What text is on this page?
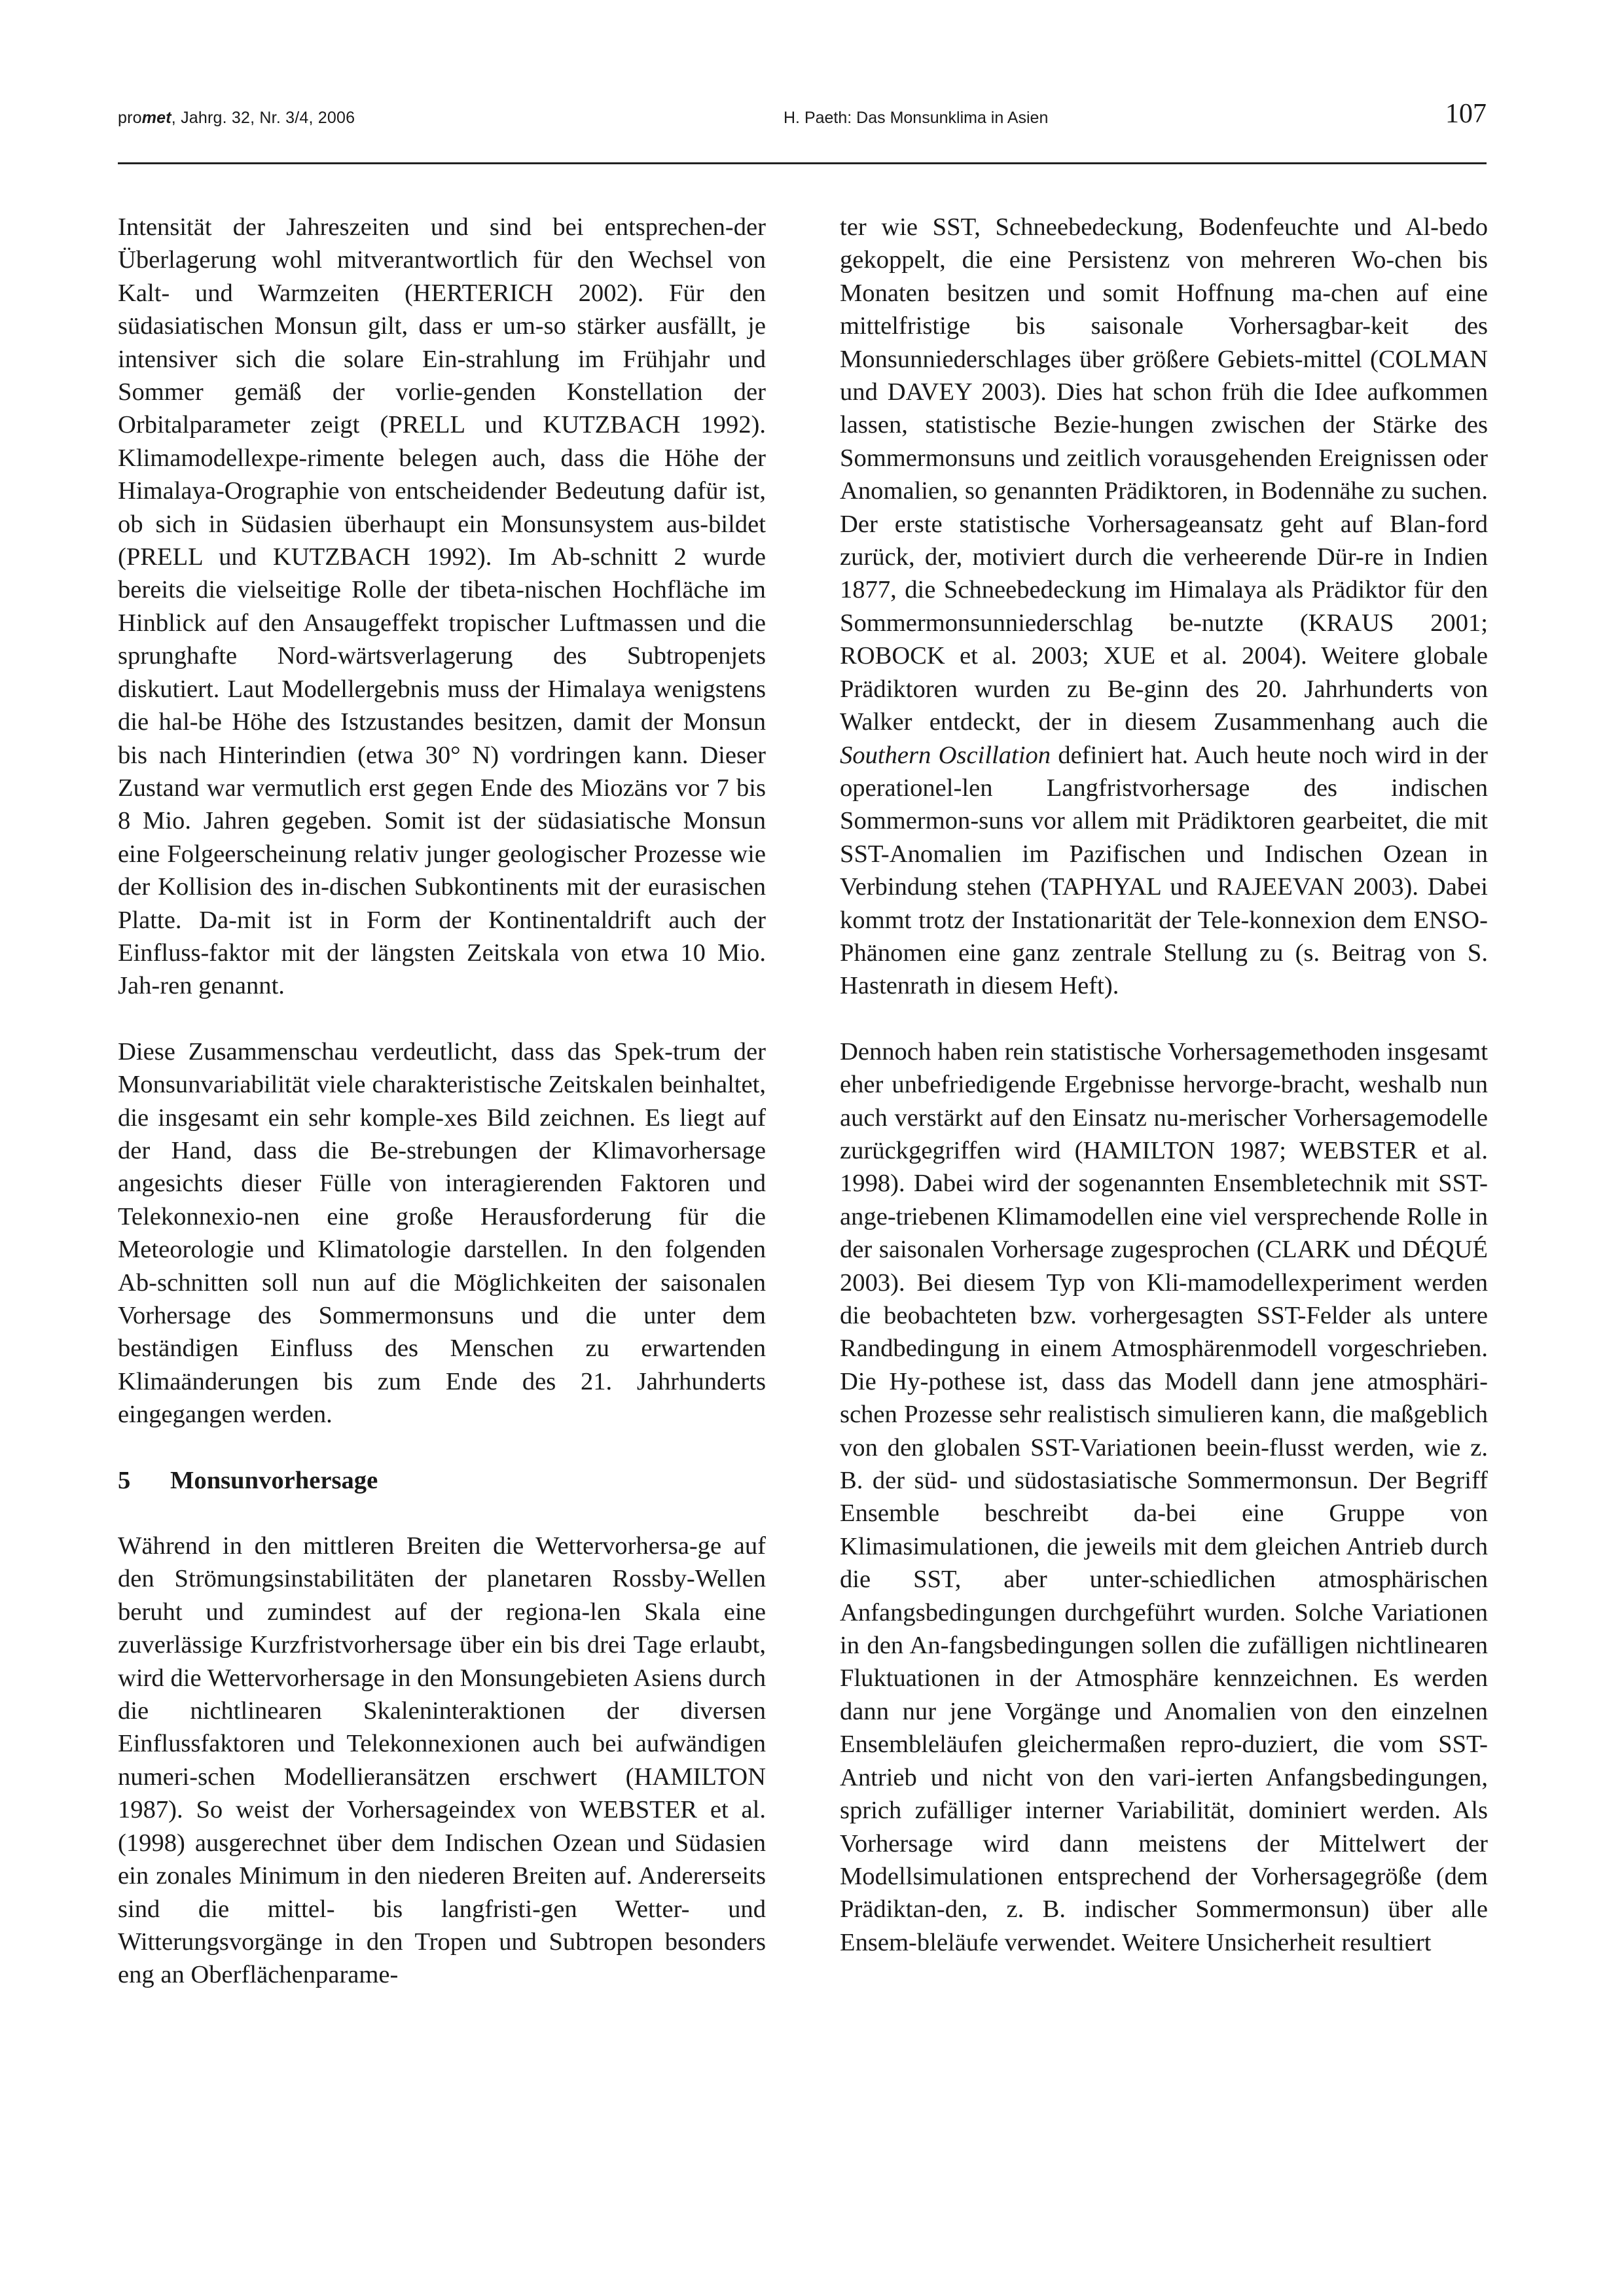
promet, Jahrg. 32, Nr. 3/4, 2006	H. Paeth: Das Monsunklima in Asien	107

Intensität der Jahreszeiten und sind bei entsprechen-der Überlagerung wohl mitverantwortlich für den Wechsel von Kalt- und Warmzeiten (HERTERICH 2002). Für den südasiatischen Monsun gilt, dass er um-so stärker ausfällt, je intensiver sich die solare Ein-strahlung im Frühjahr und Sommer gemäß der vorlie-genden Konstellation der Orbitalparameter zeigt (PRELL und KUTZBACH 1992). Klimamodellexpe-rimente belegen auch, dass die Höhe der Himalaya-Orographie von entscheidender Bedeutung dafür ist, ob sich in Südasien überhaupt ein Monsunsystem aus-bildet (PRELL und KUTZBACH 1992). Im Ab-schnitt 2 wurde bereits die vielseitige Rolle der tibeta-nischen Hochfläche im Hinblick auf den Ansaugeffekt tropischer Luftmassen und die sprunghafte Nord-wärtsverlagerung des Subtropenjets diskutiert. Laut Modellergebnis muss der Himalaya wenigstens die hal-be Höhe des Istzustandes besitzen, damit der Monsun bis nach Hinterindien (etwa 30° N) vordringen kann. Dieser Zustand war vermutlich erst gegen Ende des Miozäns vor 7 bis 8 Mio. Jahren gegeben. Somit ist der südasiatische Monsun eine Folgeerscheinung relativ junger geologischer Prozesse wie der Kollision des in-dischen Subkontinents mit der eurasischen Platte. Da-mit ist in Form der Kontinentaldrift auch der Einfluss-faktor mit der längsten Zeitskala von etwa 10 Mio. Jah-ren genannt.

Diese Zusammenschau verdeutlicht, dass das Spek-trum der Monsunvariabilität viele charakteristische Zeitskalen beinhaltet, die insgesamt ein sehr komple-xes Bild zeichnen. Es liegt auf der Hand, dass die Be-strebungen der Klimavorhersage angesichts dieser Fülle von interagierenden Faktoren und Telekonnexio-nen eine große Herausforderung für die Meteorologie und Klimatologie darstellen. In den folgenden Ab-schnitten soll nun auf die Möglichkeiten der saisonalen Vorhersage des Sommermonsuns und die unter dem beständigen Einfluss des Menschen zu erwartenden Klimaänderungen bis zum Ende des 21. Jahrhunderts eingegangen werden.

5 Monsunvorhersage

Während in den mittleren Breiten die Wettervorhersa-ge auf den Strömungsinstabilitäten der planetaren Rossby-Wellen beruht und zumindest auf der regiona-len Skala eine zuverlässige Kurzfristvorhersage über ein bis drei Tage erlaubt, wird die Wettervorhersage in den Monsungebieten Asiens durch die nichtlinearen Skaleninteraktionen der diversen Einflussfaktoren und Telekonnexionen auch bei aufwändigen numeri-schen Modellieransätzen erschwert (HAMILTON 1987). So weist der Vorhersageindex von WEBSTER et al. (1998) ausgerechnet über dem Indischen Ozean und Südasien ein zonales Minimum in den niederen Breiten auf. Andererseits sind die mittel- bis langfristi-gen Wetter- und Witterungsvorgänge in den Tropen und Subtropen besonders eng an Oberflächenparame-

ter wie SST, Schneebedeckung, Bodenfeuchte und Al-bedo gekoppelt, die eine Persistenz von mehreren Wo-chen bis Monaten besitzen und somit Hoffnung ma-chen auf eine mittelfristige bis saisonale Vorhersagbar-keit des Monsunniederschlages über größere Gebiets-mittel (COLMAN und DAVEY 2003). Dies hat schon früh die Idee aufkommen lassen, statistische Bezie-hungen zwischen der Stärke des Sommermonsuns und zeitlich vorausgehenden Ereignissen oder Anomalien, so genannten Prädiktoren, in Bodennähe zu suchen. Der erste statistische Vorhersageansatz geht auf Blan-ford zurück, der, motiviert durch die verheerende Dür-re in Indien 1877, die Schneebedeckung im Himalaya als Prädiktor für den Sommermonsunniederschlag be-nutzte (KRAUS 2001; ROBOCK et al. 2003; XUE et al. 2004). Weitere globale Prädiktoren wurden zu Be-ginn des 20. Jahrhunderts von Walker entdeckt, der in diesem Zusammenhang auch die Southern Oscillation definiert hat. Auch heute noch wird in der operationel-len Langfristvorhersage des indischen Sommermon-suns vor allem mit Prädiktoren gearbeitet, die mit SST-Anomalien im Pazifischen und Indischen Ozean in Verbindung stehen (TAPHYAL und RAJEEVAN 2003). Dabei kommt trotz der Instationarität der Tele-konnexion dem ENSO-Phänomen eine ganz zentrale Stellung zu (s. Beitrag von S. Hastenrath in diesem Heft).

Dennoch haben rein statistische Vorhersagemethoden insgesamt eher unbefriedigende Ergebnisse hervorge-bracht, weshalb nun auch verstärkt auf den Einsatz nu-merischer Vorhersagemodelle zurückgegriffen wird (HAMILTON 1987; WEBSTER et al. 1998). Dabei wird der sogenannten Ensembletechnik mit SST-ange-triebenen Klimamodellen eine viel versprechende Rolle in der saisonalen Vorhersage zugesprochen (CLARK und DÉQUÉ 2003). Bei diesem Typ von Kli-mamodellexperiment werden die beobachteten bzw. vorhergesagten SST-Felder als untere Randbedingung in einem Atmosphärenmodell vorgeschrieben. Die Hy-pothese ist, dass das Modell dann jene atmosphäri-schen Prozesse sehr realistisch simulieren kann, die maßgeblich von den globalen SST-Variationen beein-flusst werden, wie z. B. der süd- und südostasiatische Sommermonsun. Der Begriff Ensemble beschreibt da-bei eine Gruppe von Klimasimulationen, die jeweils mit dem gleichen Antrieb durch die SST, aber unter-schiedlichen atmosphärischen Anfangsbedingungen durchgeführt wurden. Solche Variationen in den An-fangsbedingungen sollen die zufälligen nichtlinearen Fluktuationen in der Atmosphäre kennzeichnen. Es werden dann nur jene Vorgänge und Anomalien von den einzelnen Ensembleläufen gleichermaßen repro-duziert, die vom SST-Antrieb und nicht von den vari-ierten Anfangsbedingungen, sprich zufälliger interner Variabilität, dominiert werden. Als Vorhersage wird dann meistens der Mittelwert der Modellsimulationen entsprechend der Vorhersagegröße (dem Prädiktan-den, z. B. indischer Sommermonsun) über alle Ensem-bleläufe verwendet. Weitere Unsicherheit resultiert
